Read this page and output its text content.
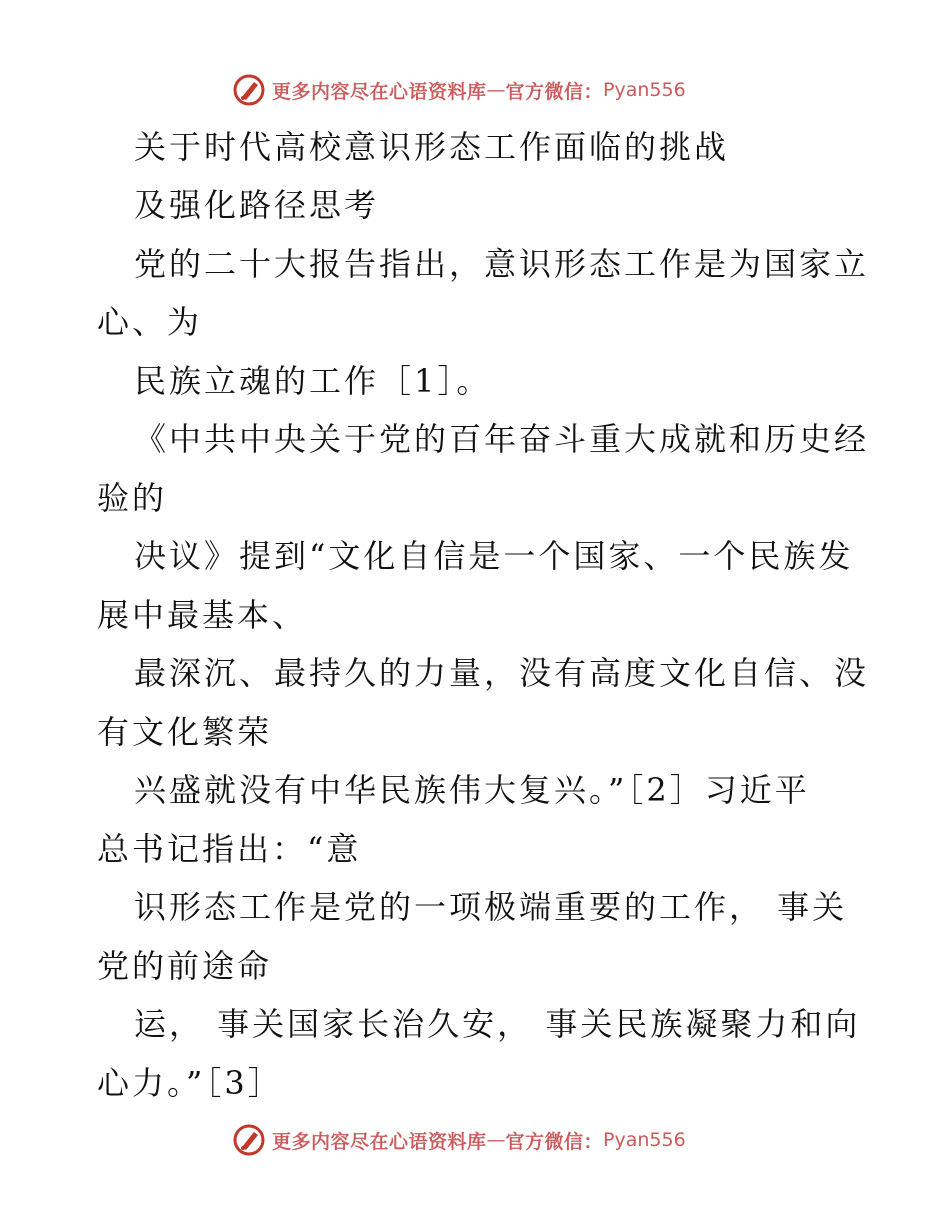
更多内容尽在心语资料库 — 官方微信： Pyan556
关于时代高校意识形态工作面临的挑战
及强化路径思考
党的二十大报告指出，意识形态工作是为国家立
心、为
民族立魂的工作［1］。
《中共中央关于党的百年奋斗重大成就和历史经
验的
决议》提到“文化自信是一个国家、一个民族发
展中最基本、
最深沉、最持久的力量，没有高度文化自信、没
有文化繁荣
兴盛就没有中华民族伟大复兴。”［2］习近平
总书记指出：“意
识形态工作是党的一项极端重要的工作， 事关
党的前途命
运， 事关国家长治久安， 事关民族凝聚力和向
心力。”［3］
更多内容尽在心语资料库 — 官方微信： Pyan556
